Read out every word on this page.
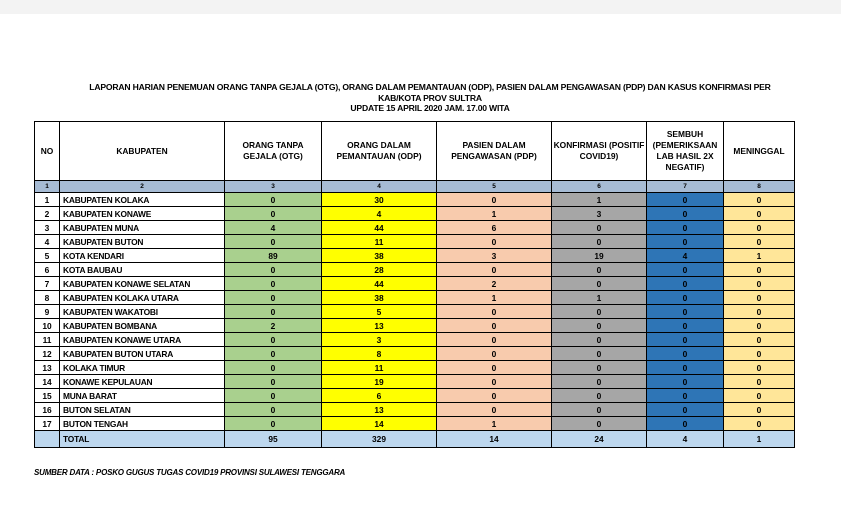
LAPORAN HARIAN PENEMUAN ORANG TANPA GEJALA (OTG), ORANG DALAM PEMANTAUAN (ODP), PASIEN DALAM PENGAWASAN (PDP) DAN KASUS KONFIRMASI PER
KAB/KOTA PROV SULTRA
UPDATE 15 APRIL 2020 JAM. 17.00 WITA
NO	KABUPATEN	ORANG TANPA GEJALA (OTG)	ORANG DALAM PEMANTAUAN (ODP)	PASIEN DALAM PENGAWASAN (PDP)	KONFIRMASI (POSITIF COVID19)	SEMBUH (PEMERIKSAAN LAB HASIL 2X NEGATIF)	MENINGGAL
1	2	3	4	5	6	7	8
1	KABUPATEN KOLAKA	0	30	0	1	0	0
2	KABUPATEN KONAWE	0	4	1	3	0	0
3	KABUPATEN MUNA	4	44	6	0	0	0
4	KABUPATEN BUTON	0	11	0	0	0	0
5	KOTA KENDARI	89	38	3	19	4	1
6	KOTA BAUBAU	0	28	0	0	0	0
7	KABUPATEN KONAWE SELATAN	0	44	2	0	0	0
8	KABUPATEN KOLAKA UTARA	0	38	1	1	0	0
9	KABUPATEN WAKATOBI	0	5	0	0	0	0
10	KABUPATEN BOMBANA	2	13	0	0	0	0
11	KABUPATEN KONAWE UTARA	0	3	0	0	0	0
12	KABUPATEN BUTON UTARA	0	8	0	0	0	0
13	KOLAKA TIMUR	0	11	0	0	0	0
14	KONAWE KEPULAUAN	0	19	0	0	0	0
15	MUNA BARAT	0	6	0	0	0	0
16	BUTON SELATAN	0	13	0	0	0	0
17	BUTON TENGAH	0	14	1	0	0	0
	TOTAL	95	329	14	24	4	1
SUMBER DATA : POSKO GUGUS TUGAS COVID19 PROVINSI SULAWESI TENGGARA
